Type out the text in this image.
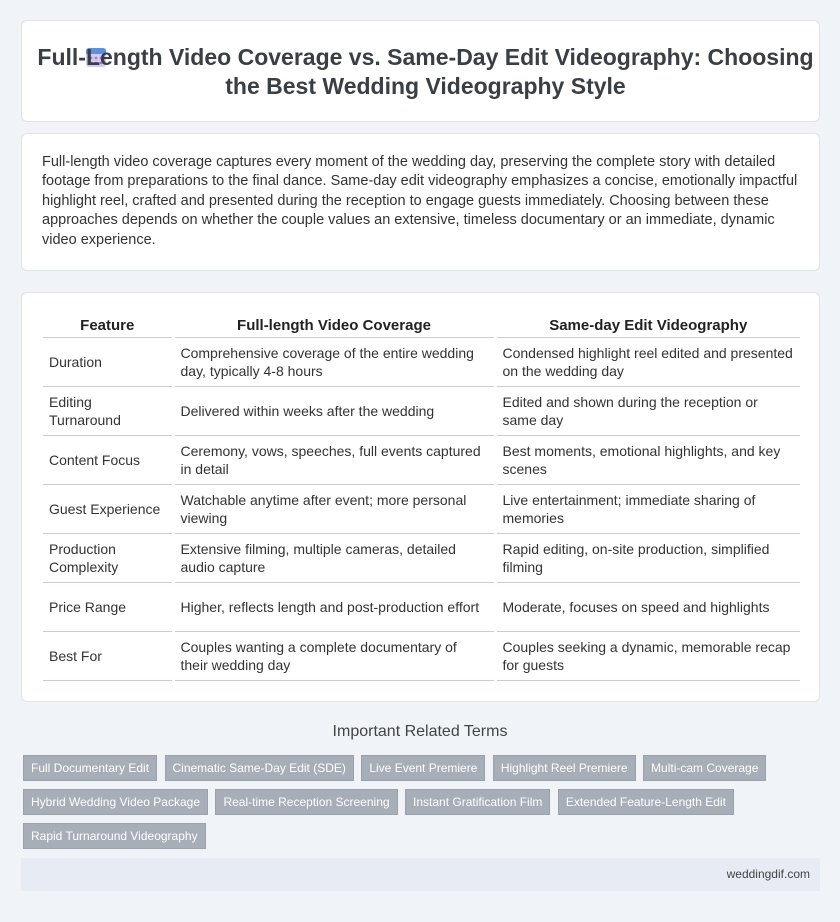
Full-Length Video Coverage vs. Same-Day Edit Videography: Choosing the Best Wedding Videography Style

Full-length video coverage captures every moment of the wedding day, preserving the complete story with detailed footage from preparations to the final dance. Same-day edit videography emphasizes a concise, emotionally impactful highlight reel, crafted and presented during the reception to engage guests immediately. Choosing between these approaches depends on whether the couple values an extensive, timeless documentary or an immediate, dynamic video experience.

Feature	Full-length Video Coverage	Same-day Edit Videography
Duration	Comprehensive coverage of the entire wedding day, typically 4-8 hours	Condensed highlight reel edited and presented on the wedding day
Editing Turnaround	Delivered within weeks after the wedding	Edited and shown during the reception or same day
Content Focus	Ceremony, vows, speeches, full events captured in detail	Best moments, emotional highlights, and key scenes
Guest Experience	Watchable anytime after event; more personal viewing	Live entertainment; immediate sharing of memories
Production Complexity	Extensive filming, multiple cameras, detailed audio capture	Rapid editing, on-site production, simplified filming
Price Range	Higher, reflects length and post-production effort	Moderate, focuses on speed and highlights
Best For	Couples wanting a complete documentary of their wedding day	Couples seeking a dynamic, memorable recap for guests
Important Related Terms
Full Documentary Edit Cinematic Same-Day Edit (SDE) Live Event Premiere Highlight Reel Premiere Multi-cam Coverage
Hybrid Wedding Video Package Real-time Reception Screening Instant Gratification Film Extended Feature-Length Edit
Rapid Turnaround Videography
weddingdif.com
